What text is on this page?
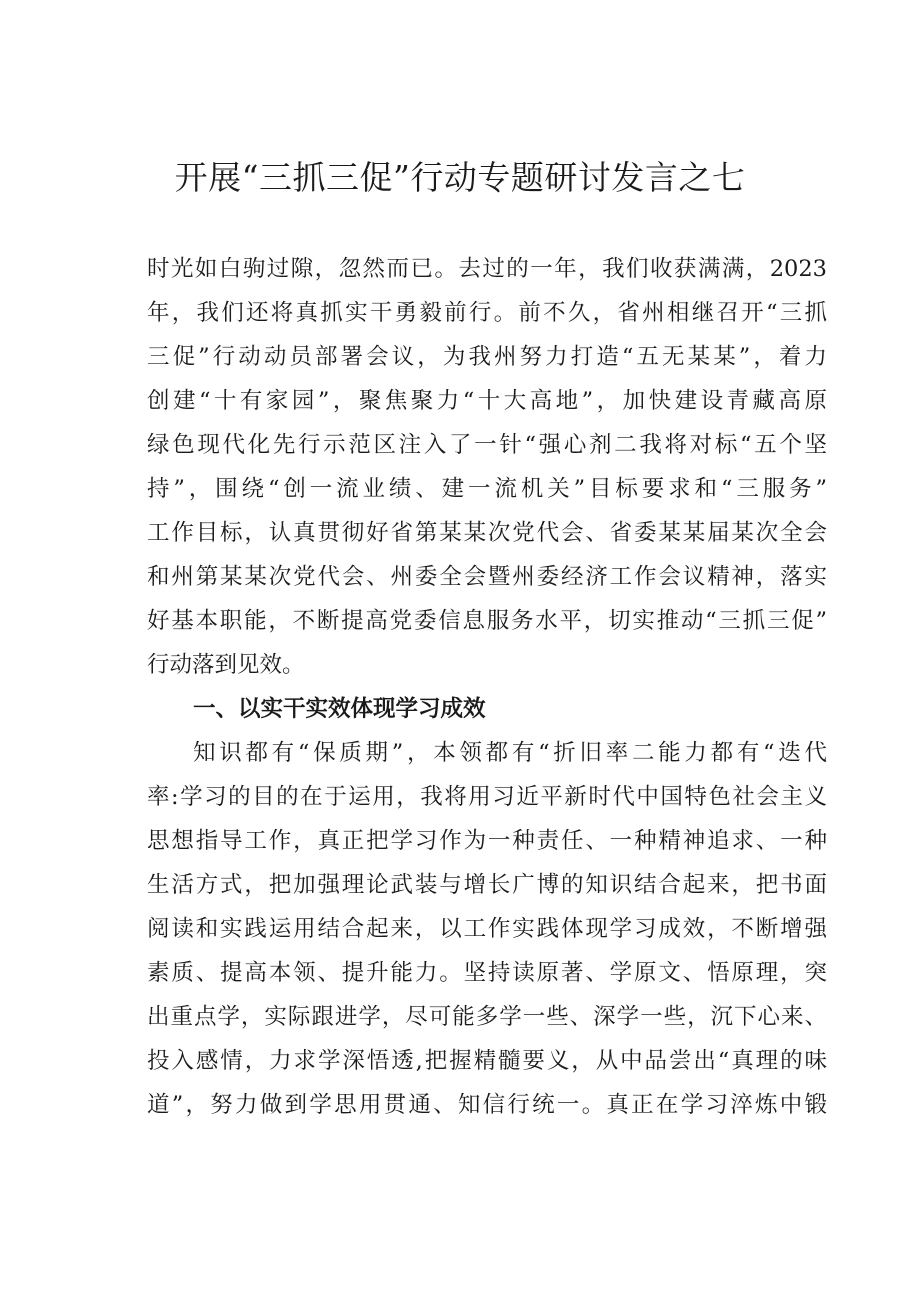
开展“三抓三促”行动专题研讨发言之七
时光如白驹过隙，忽然而已。去过的一年，我们收获满满，2023
年，我们还将真抓实干勇毅前行。前不久，省州相继召开“三抓
三促”行动动员部署会议，为我州努力打造“五无某某”，着力
创建“十有家园”，聚焦聚力“十大高地”，加快建设青藏高原
绿色现代化先行示范区注入了一针“强心剂二我将对标“五个坚
持”，围绕“创一流业绩、建一流机关”目标要求和“三服务”
工作目标，认真贯彻好省第某某次党代会、省委某某届某次全会
和州第某某次党代会、州委全会暨州委经济工作会议精神，落实
好基本职能，不断提高党委信息服务水平，切实推动“三抓三促”
行动落到见效。
一、以实干实效体现学习成效
知识都有“保质期”，本领都有“折旧率二能力都有“迭代
率:学习的目的在于运用，我将用习近平新时代中国特色社会主义
思想指导工作，真正把学习作为一种责任、一种精神追求、一种
生活方式，把加强理论武装与增长广博的知识结合起来，把书面
阅读和实践运用结合起来，以工作实践体现学习成效，不断增强
素质、提高本领、提升能力。坚持读原著、学原文、悟原理，突
出重点学，实际跟进学，尽可能多学一些、深学一些，沉下心来、
投入感情，力求学深悟透,把握精髓要义，从中品尝出“真理的味
道”，努力做到学思用贯通、知信行统一。真正在学习淬炼中锻
